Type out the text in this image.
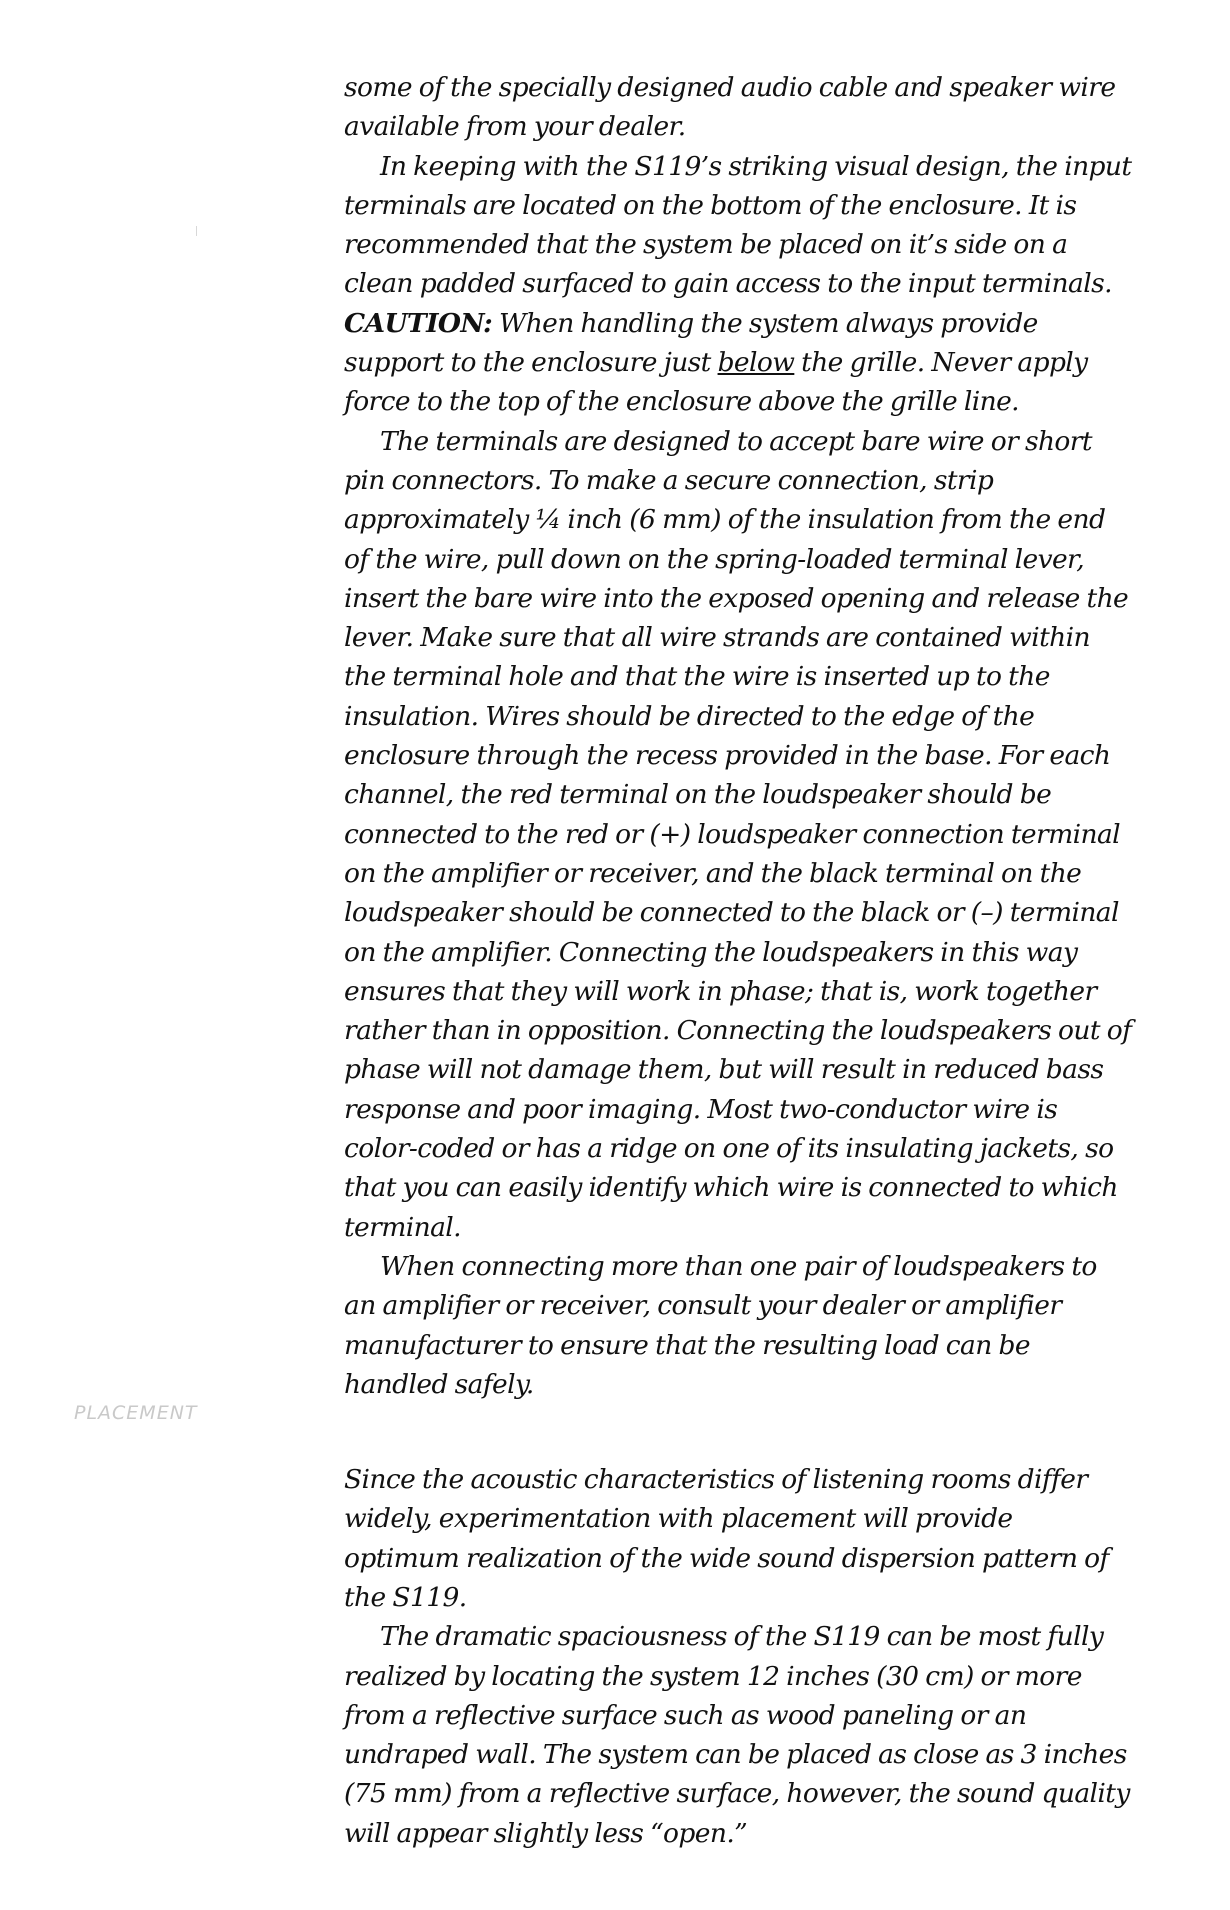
PLACEMENT

some of the specially designed audio cable and speaker wire available from your dealer.

In keeping with the S119’s striking visual design, the input terminals are located on the bottom of the enclosure. It is recommended that the system be placed on it’s side on a clean padded surfaced to gain access to the input terminals.

CAUTION: When handling the system always provide support to the enclosure just below the grille. Never apply force to the top of the enclosure above the grille line.

The terminals are designed to accept bare wire or short pin connectors. To make a secure connection, strip approximately ¼ inch (6 mm) of the insulation from the end of the wire, pull down on the spring-loaded terminal lever, insert the bare wire into the exposed opening and release the lever. Make sure that all wire strands are contained within the terminal hole and that the wire is inserted up to the insulation. Wires should be directed to the edge of the enclosure through the recess provided in the base. For each channel, the red terminal on the loudspeaker should be connected to the red or (+) loudspeaker connection terminal on the amplifier or receiver, and the black terminal on the loudspeaker should be connected to the black or (–) terminal on the amplifier. Connecting the loudspeakers in this way ensures that they will work in phase; that is, work together rather than in opposition. Connecting the loudspeakers out of phase will not damage them, but will result in reduced bass response and poor imaging. Most two-conductor wire is color-coded or has a ridge on one of its insulating jackets, so that you can easily identify which wire is connected to which terminal.

When connecting more than one pair of loudspeakers to an amplifier or receiver, consult your dealer or amplifier manufacturer to ensure that the resulting load can be handled safely.

Since the acoustic characteristics of listening rooms differ widely, experimentation with placement will provide optimum realization of the wide sound dispersion pattern of the S119.

The dramatic spaciousness of the S119 can be most fully realized by locating the system 12 inches (30 cm) or more from a reflective surface such as wood paneling or an undraped wall. The system can be placed as close as 3 inches (75 mm) from a reflective surface, however, the sound quality will appear slightly less “open.”
